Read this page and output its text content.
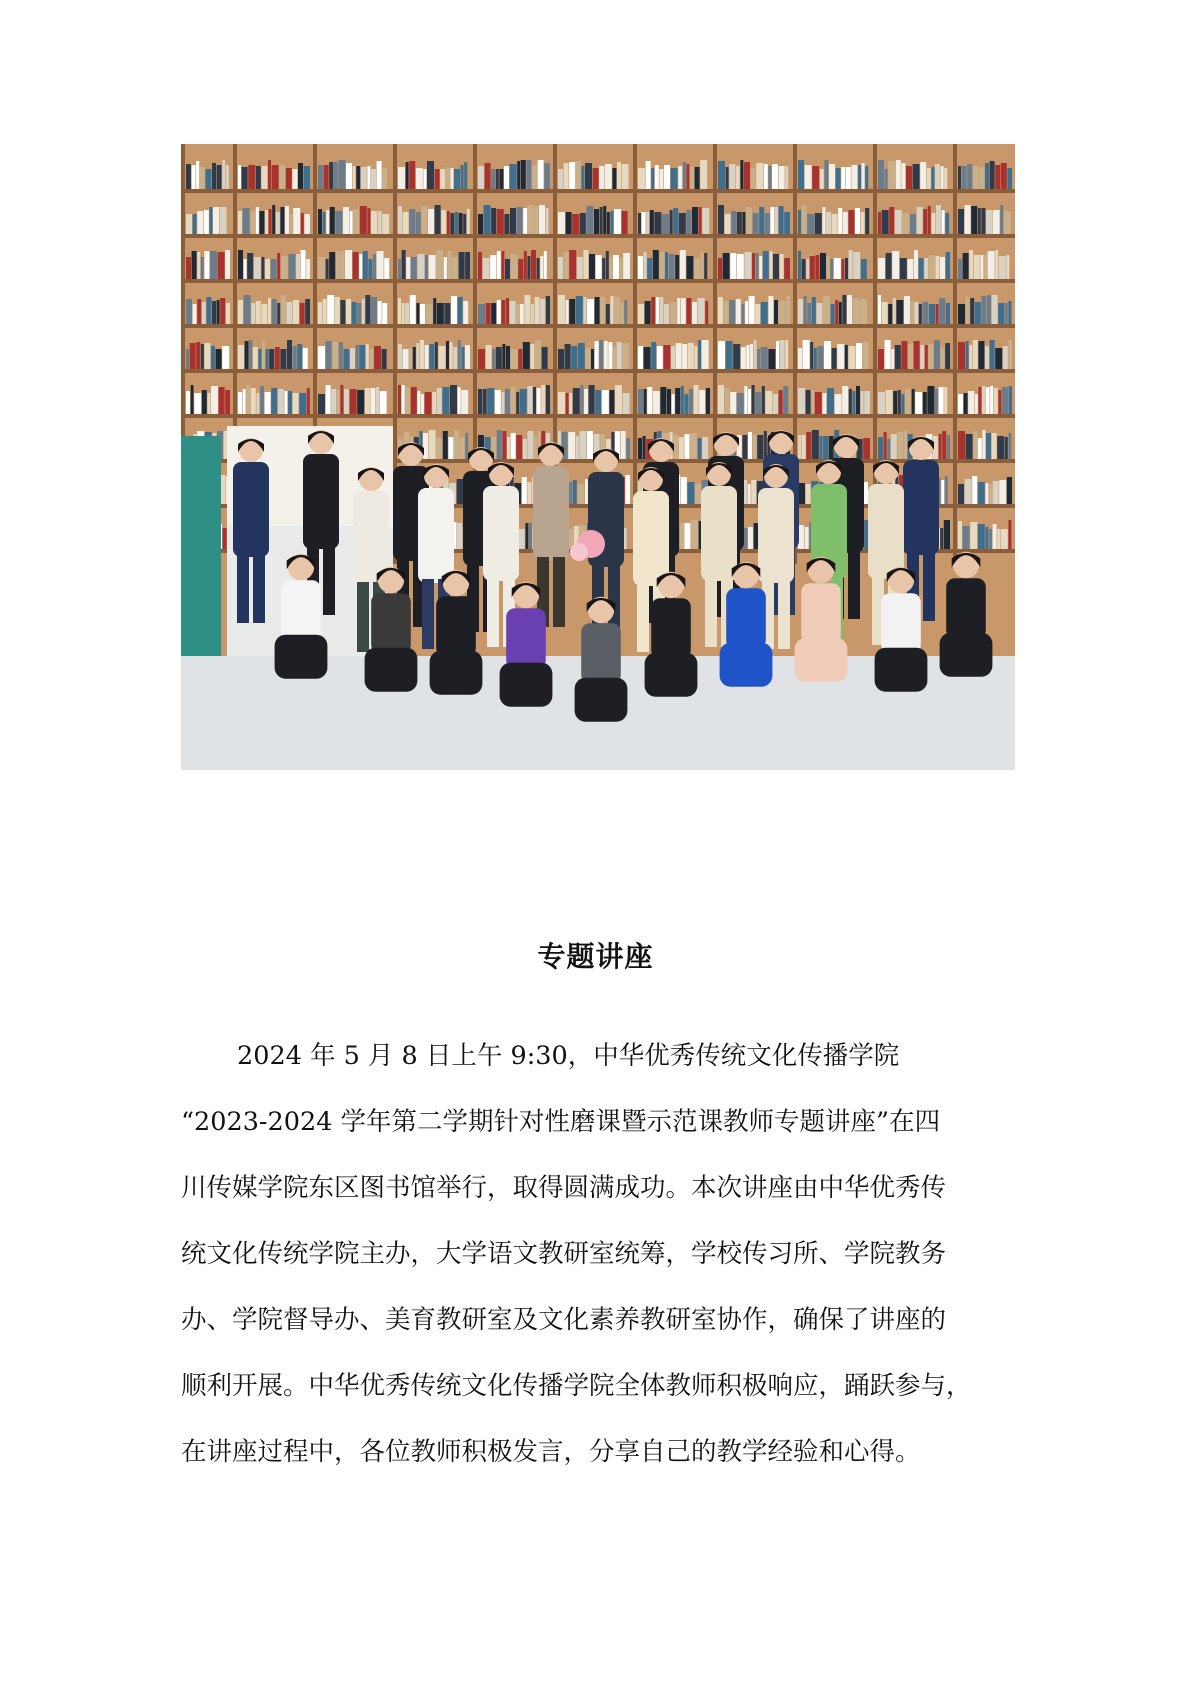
专题讲座

2024 年 5 月 8 日上午 9:30，中华优秀传统文化传播学院
“2023-2024 学年第二学期针对性磨课暨示范课教师专题讲座”在四
川传媒学院东区图书馆举行，取得圆满成功。本次讲座由中华优秀传
统文化传统学院主办，大学语文教研室统筹，学校传习所、学院教务
办、学院督导办、美育教研室及文化素养教研室协作，确保了讲座的
顺利开展。中华优秀传统文化传播学院全体教师积极响应，踊跃参与，
在讲座过程中，各位教师积极发言，分享自己的教学经验和心得。
